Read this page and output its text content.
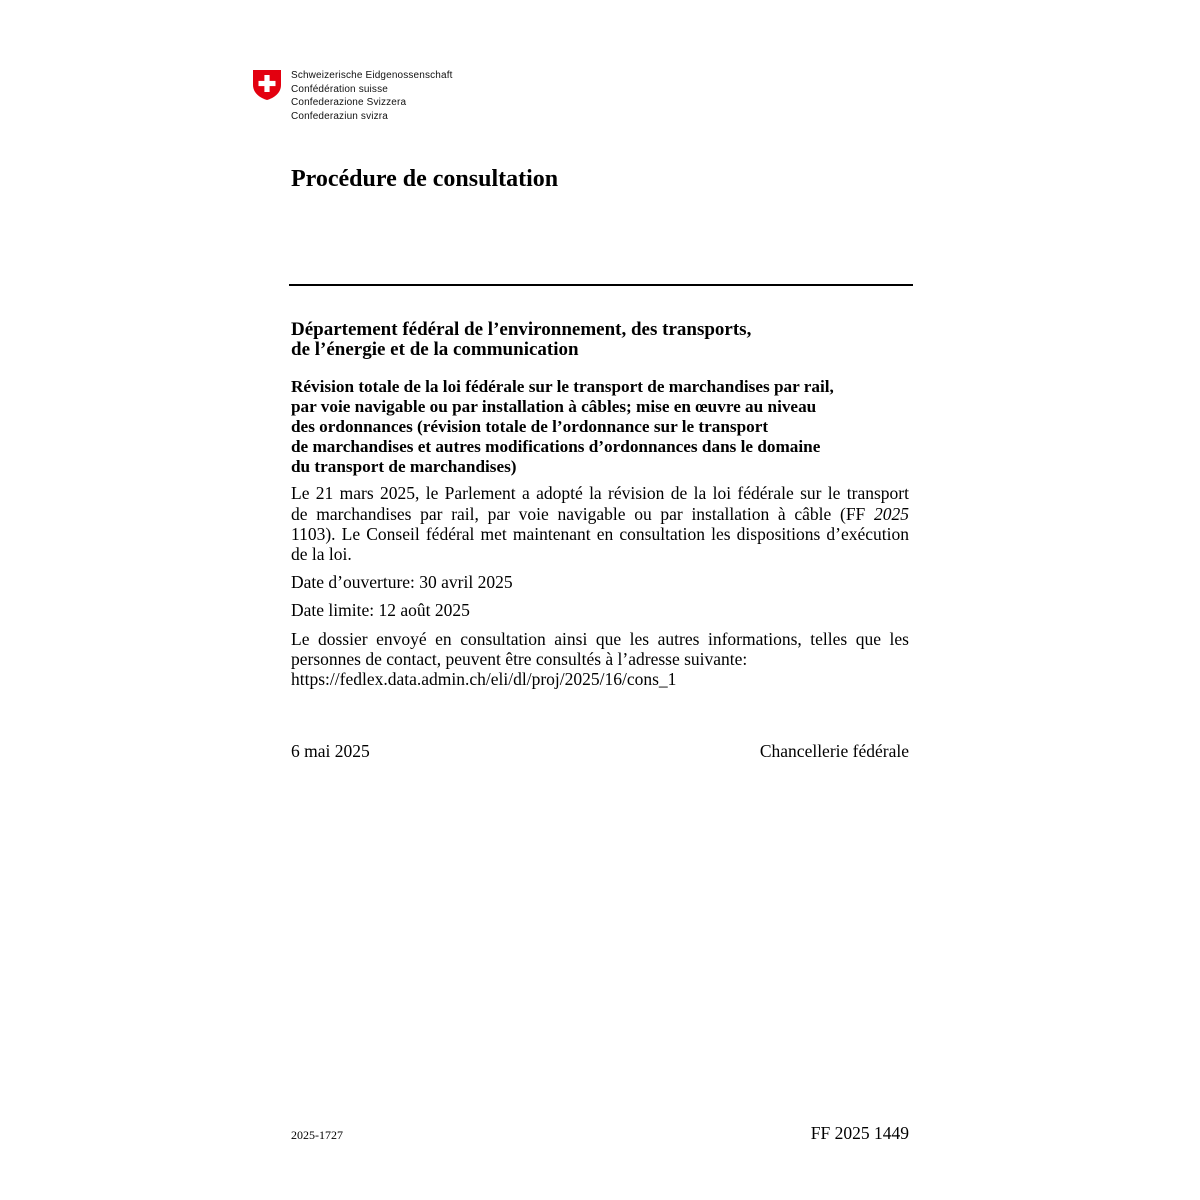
Schweizerische Eidgenossenschaft
Confédération suisse
Confederazione Svizzera
Confederaziun svizra
Procédure de consultation
Département fédéral de l’environnement, des transports,
de l’énergie et de la communication
Révision totale de la loi fédérale sur le transport de marchandises par rail,
par voie navigable ou par installation à câbles; mise en œuvre au niveau
des ordonnances (révision totale de l’ordonnance sur le transport
de marchandises et autres modifications d’ordonnances dans le domaine
du transport de marchandises)

Le 21 mars 2025, le Parlement a adopté la révision de la loi fédérale sur le transport
de marchandises par rail, par voie navigable ou par installation à câble (FF 2025
1103). Le Conseil fédéral met maintenant en consultation les dispositions d’exécution
de la loi.

Date d’ouverture: 30 avril 2025

Date limite: 12 août 2025

Le dossier envoyé en consultation ainsi que les autres informations, telles que les
personnes de contact, peuvent être consultés à l’adresse suivante:
https://fedlex.data.admin.ch/eli/dl/proj/2025/16/cons_1

6 mai 2025	Chancellerie fédérale
2025-1727	FF 2025 1449
